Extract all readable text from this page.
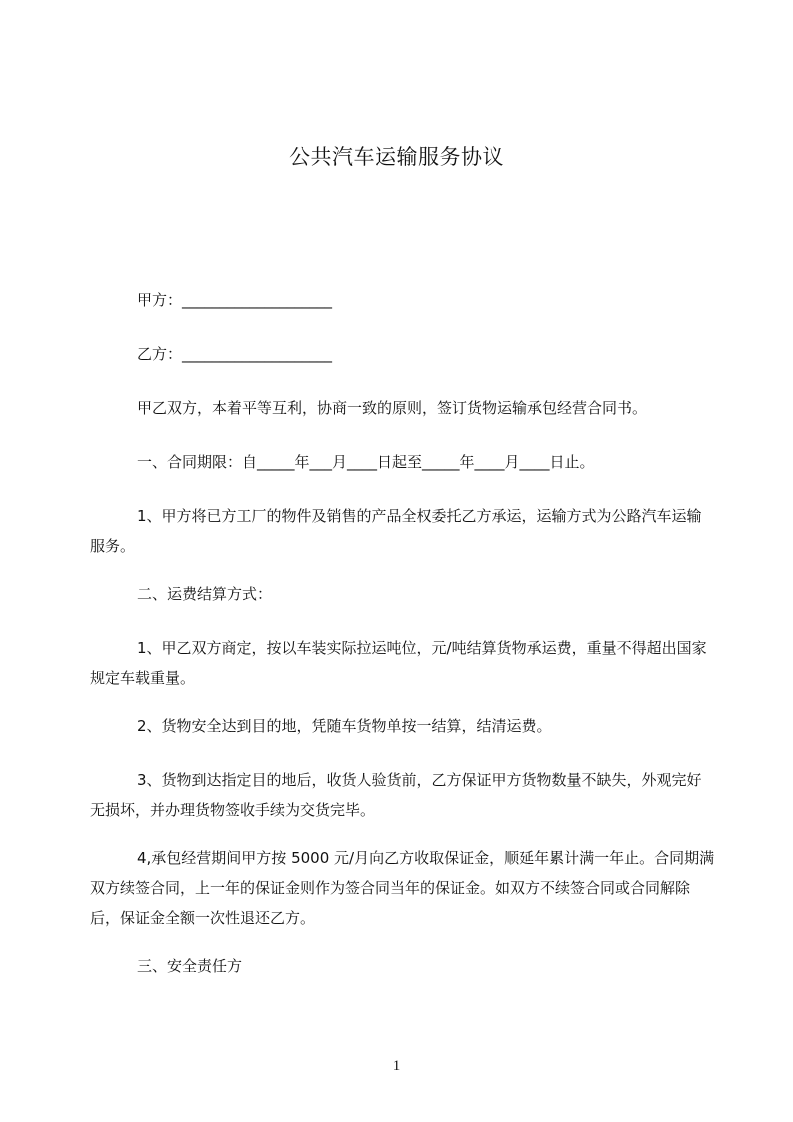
公共汽车运输服务协议
甲方：____________________
乙方：____________________
甲乙双方，本着平等互利，协商一致的原则，签订货物运输承包经营合同书。
一、合同期限：自_____年___月____日起至_____年____月____日止。
1、甲方将已方工厂的物件及销售的产品全权委托乙方承运，运输方式为公路汽车运输服务。
二、运费结算方式：
1、甲乙双方商定，按以车装实际拉运吨位，元/吨结算货物承运费，重量不得超出国家规定车载重量。
2、货物安全达到目的地，凭随车货物单按一结算，结清运费。
3、货物到达指定目的地后，收货人验货前，乙方保证甲方货物数量不缺失，外观完好无损坏，并办理货物签收手续为交货完毕。
4,承包经营期间甲方按 5000 元/月向乙方收取保证金，顺延年累计满一年止。合同期满双方续签合同，上一年的保证金则作为签合同当年的保证金。如双方不续签合同或合同解除后，保证金全额一次性退还乙方。
三、安全责任方
1
